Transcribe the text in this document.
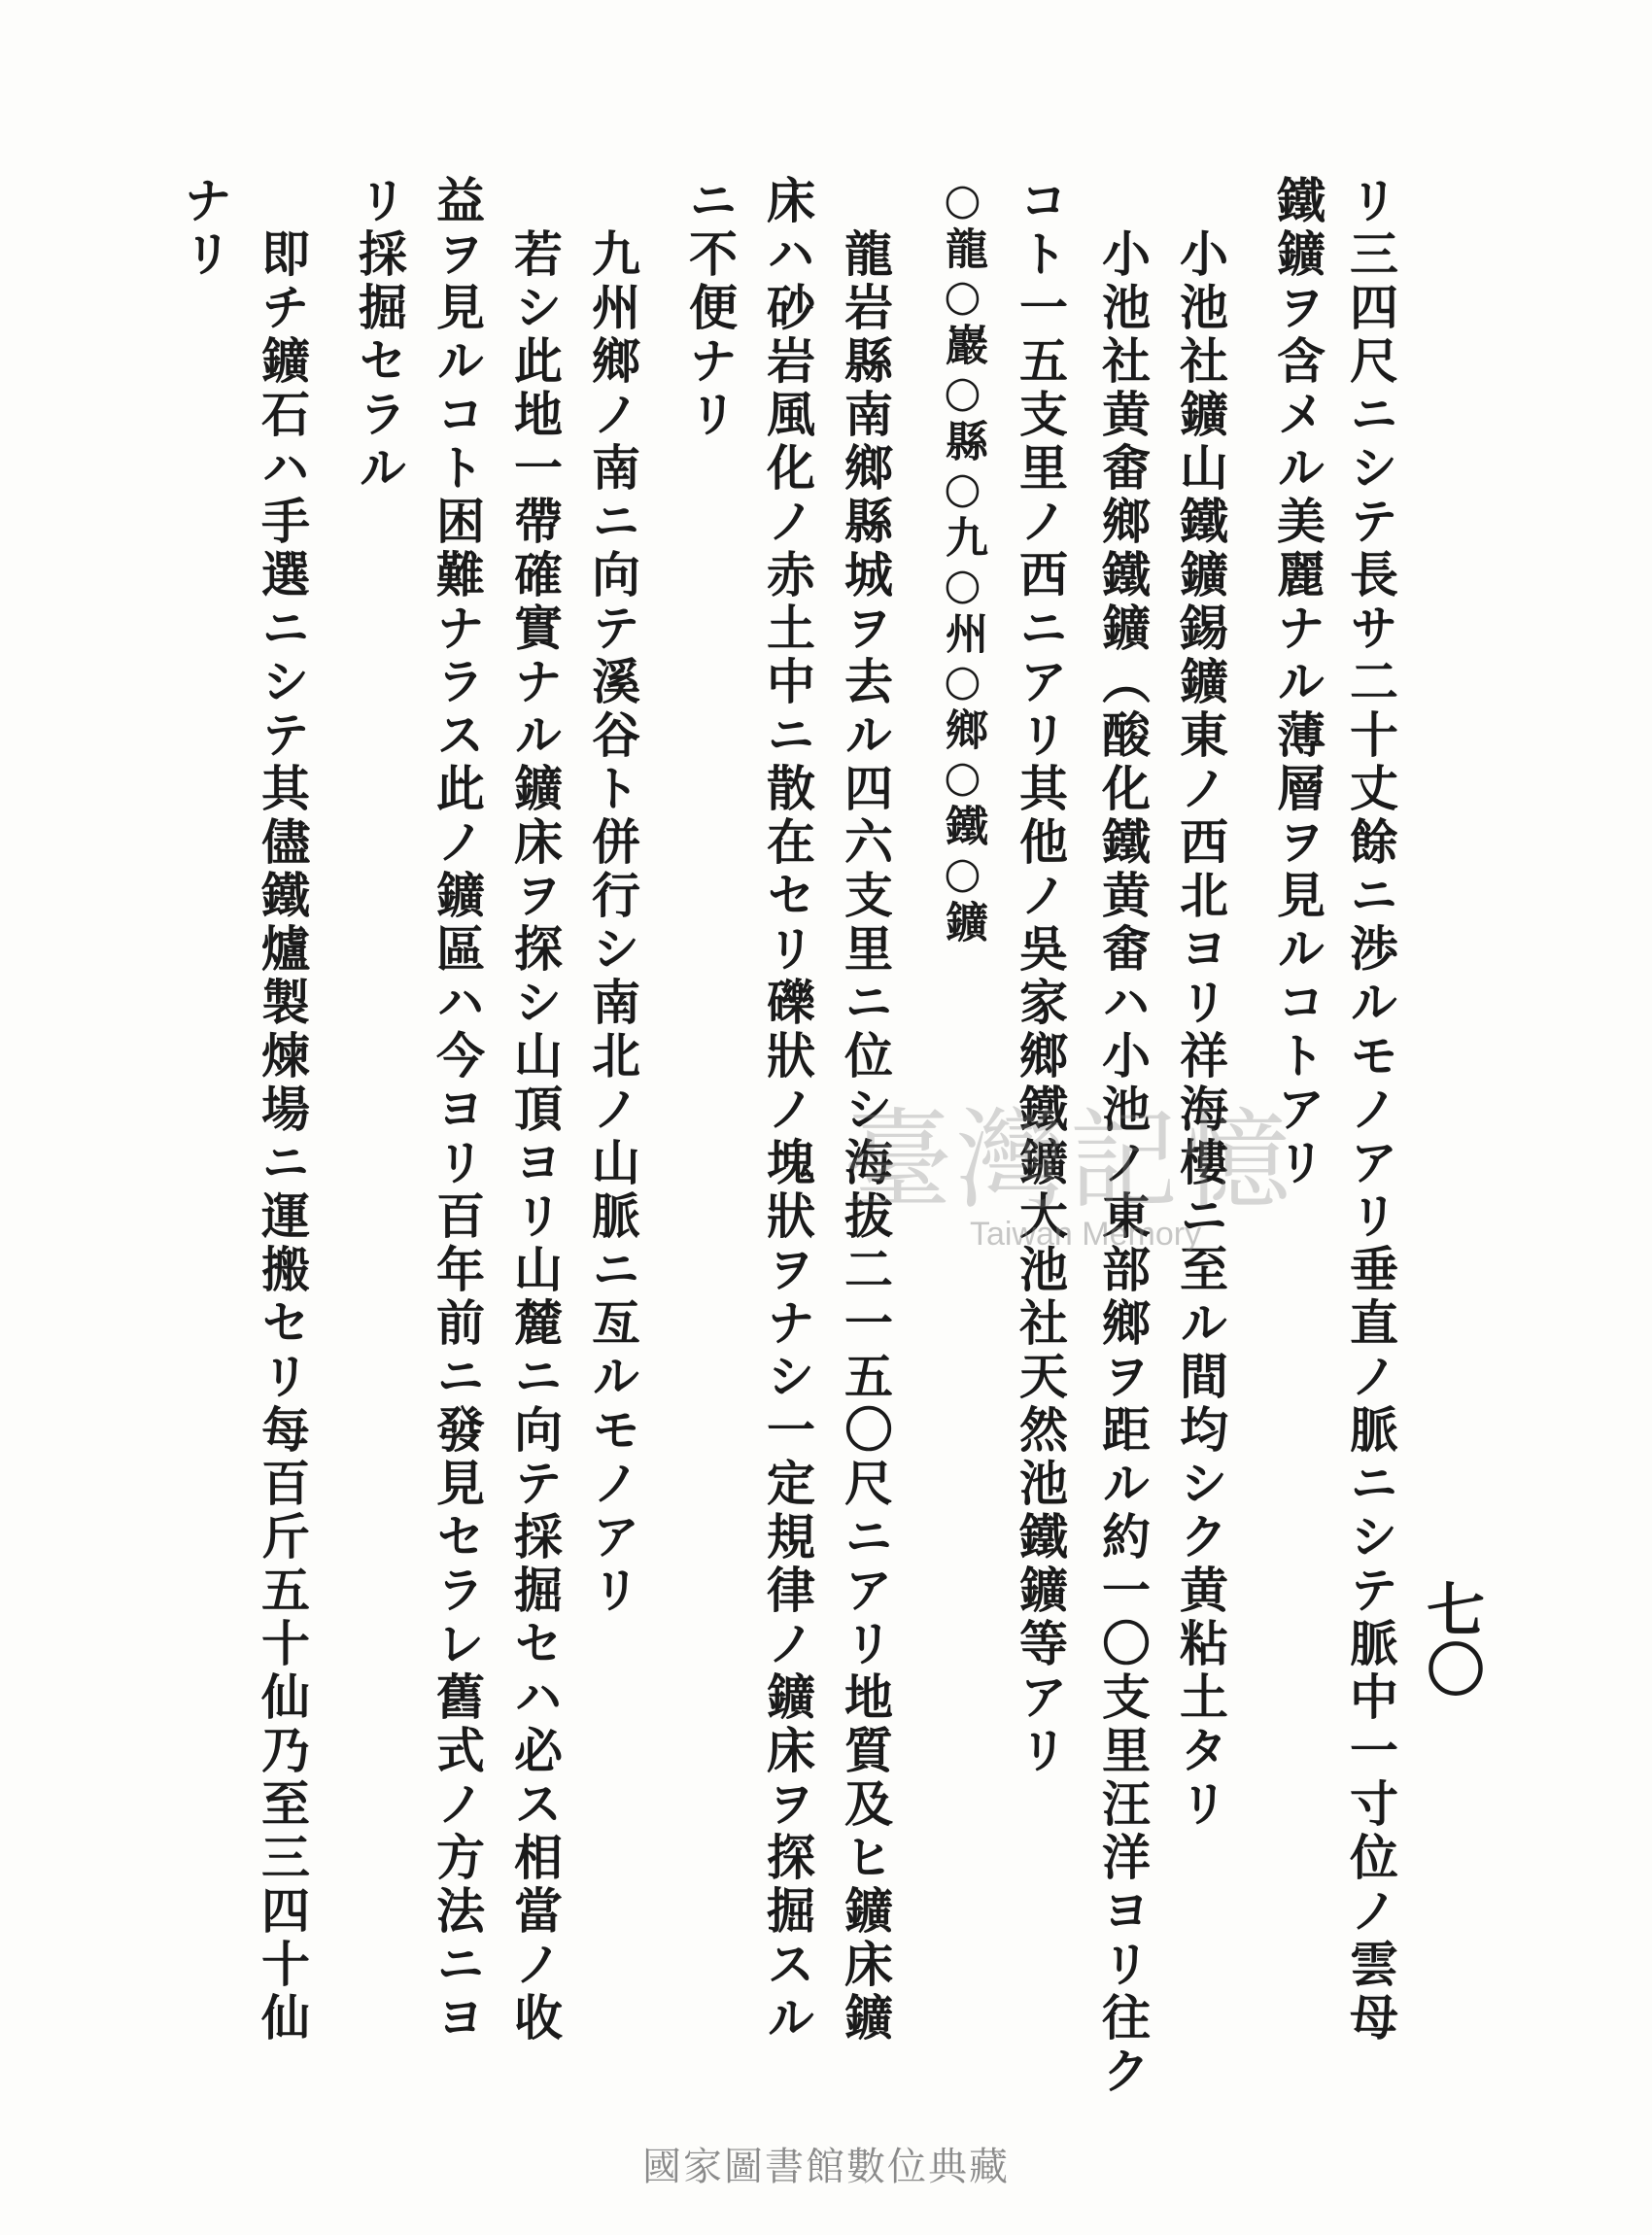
七〇
リ三四尺ニシテ長サ二十丈餘ニ渉ルモノアリ垂直ノ脈ニシテ脈中一寸位ノ雲母
鐵鑛ヲ含メル美麗ナル薄層ヲ見ルコトアリ
小池社鑛山鐵鑛錫鑛東ノ西北ヨリ祥海樓ニ至ル間均シク黄粘土タリ
小池社黄畬鄉鐵鑛（酸化鐵黄畬ハ小池ノ東部鄉ヲ距ル約一〇支里汪洋ヨリ往ク
コト一五支里ノ西ニアリ其他ノ吳家鄉鐵鑛大池社天然池鐵鑛等アリ
○龍○巖○縣○九○州○鄉○鐵○鑛
龍岩縣南鄉縣城ヲ去ル四六支里ニ位シ海拔二一五〇尺ニアリ地質及ヒ鑛床鑛
床ハ砂岩風化ノ赤土中ニ散在セリ礫狀ノ塊狀ヲナシ一定規律ノ鑛床ヲ探掘スル
ニ不便ナリ
九州鄉ノ南ニ向テ溪谷ト併行シ南北ノ山脈ニ亙ルモノアリ
若シ此地一帶確實ナル鑛床ヲ探シ山頂ヨリ山麓ニ向テ採掘セハ必ス相當ノ收
益ヲ見ルコト困難ナラス此ノ鑛區ハ今ヨリ百年前ニ發見セラレ舊式ノ方法ニヨ
リ採掘セラル
即チ鑛石ハ手選ニシテ其儘鐵爐製煉場ニ運搬セリ每百斤五十仙乃至三四十仙
ナリ
臺灣記憶
Taiwan Memory
國家圖書館數位典藏
